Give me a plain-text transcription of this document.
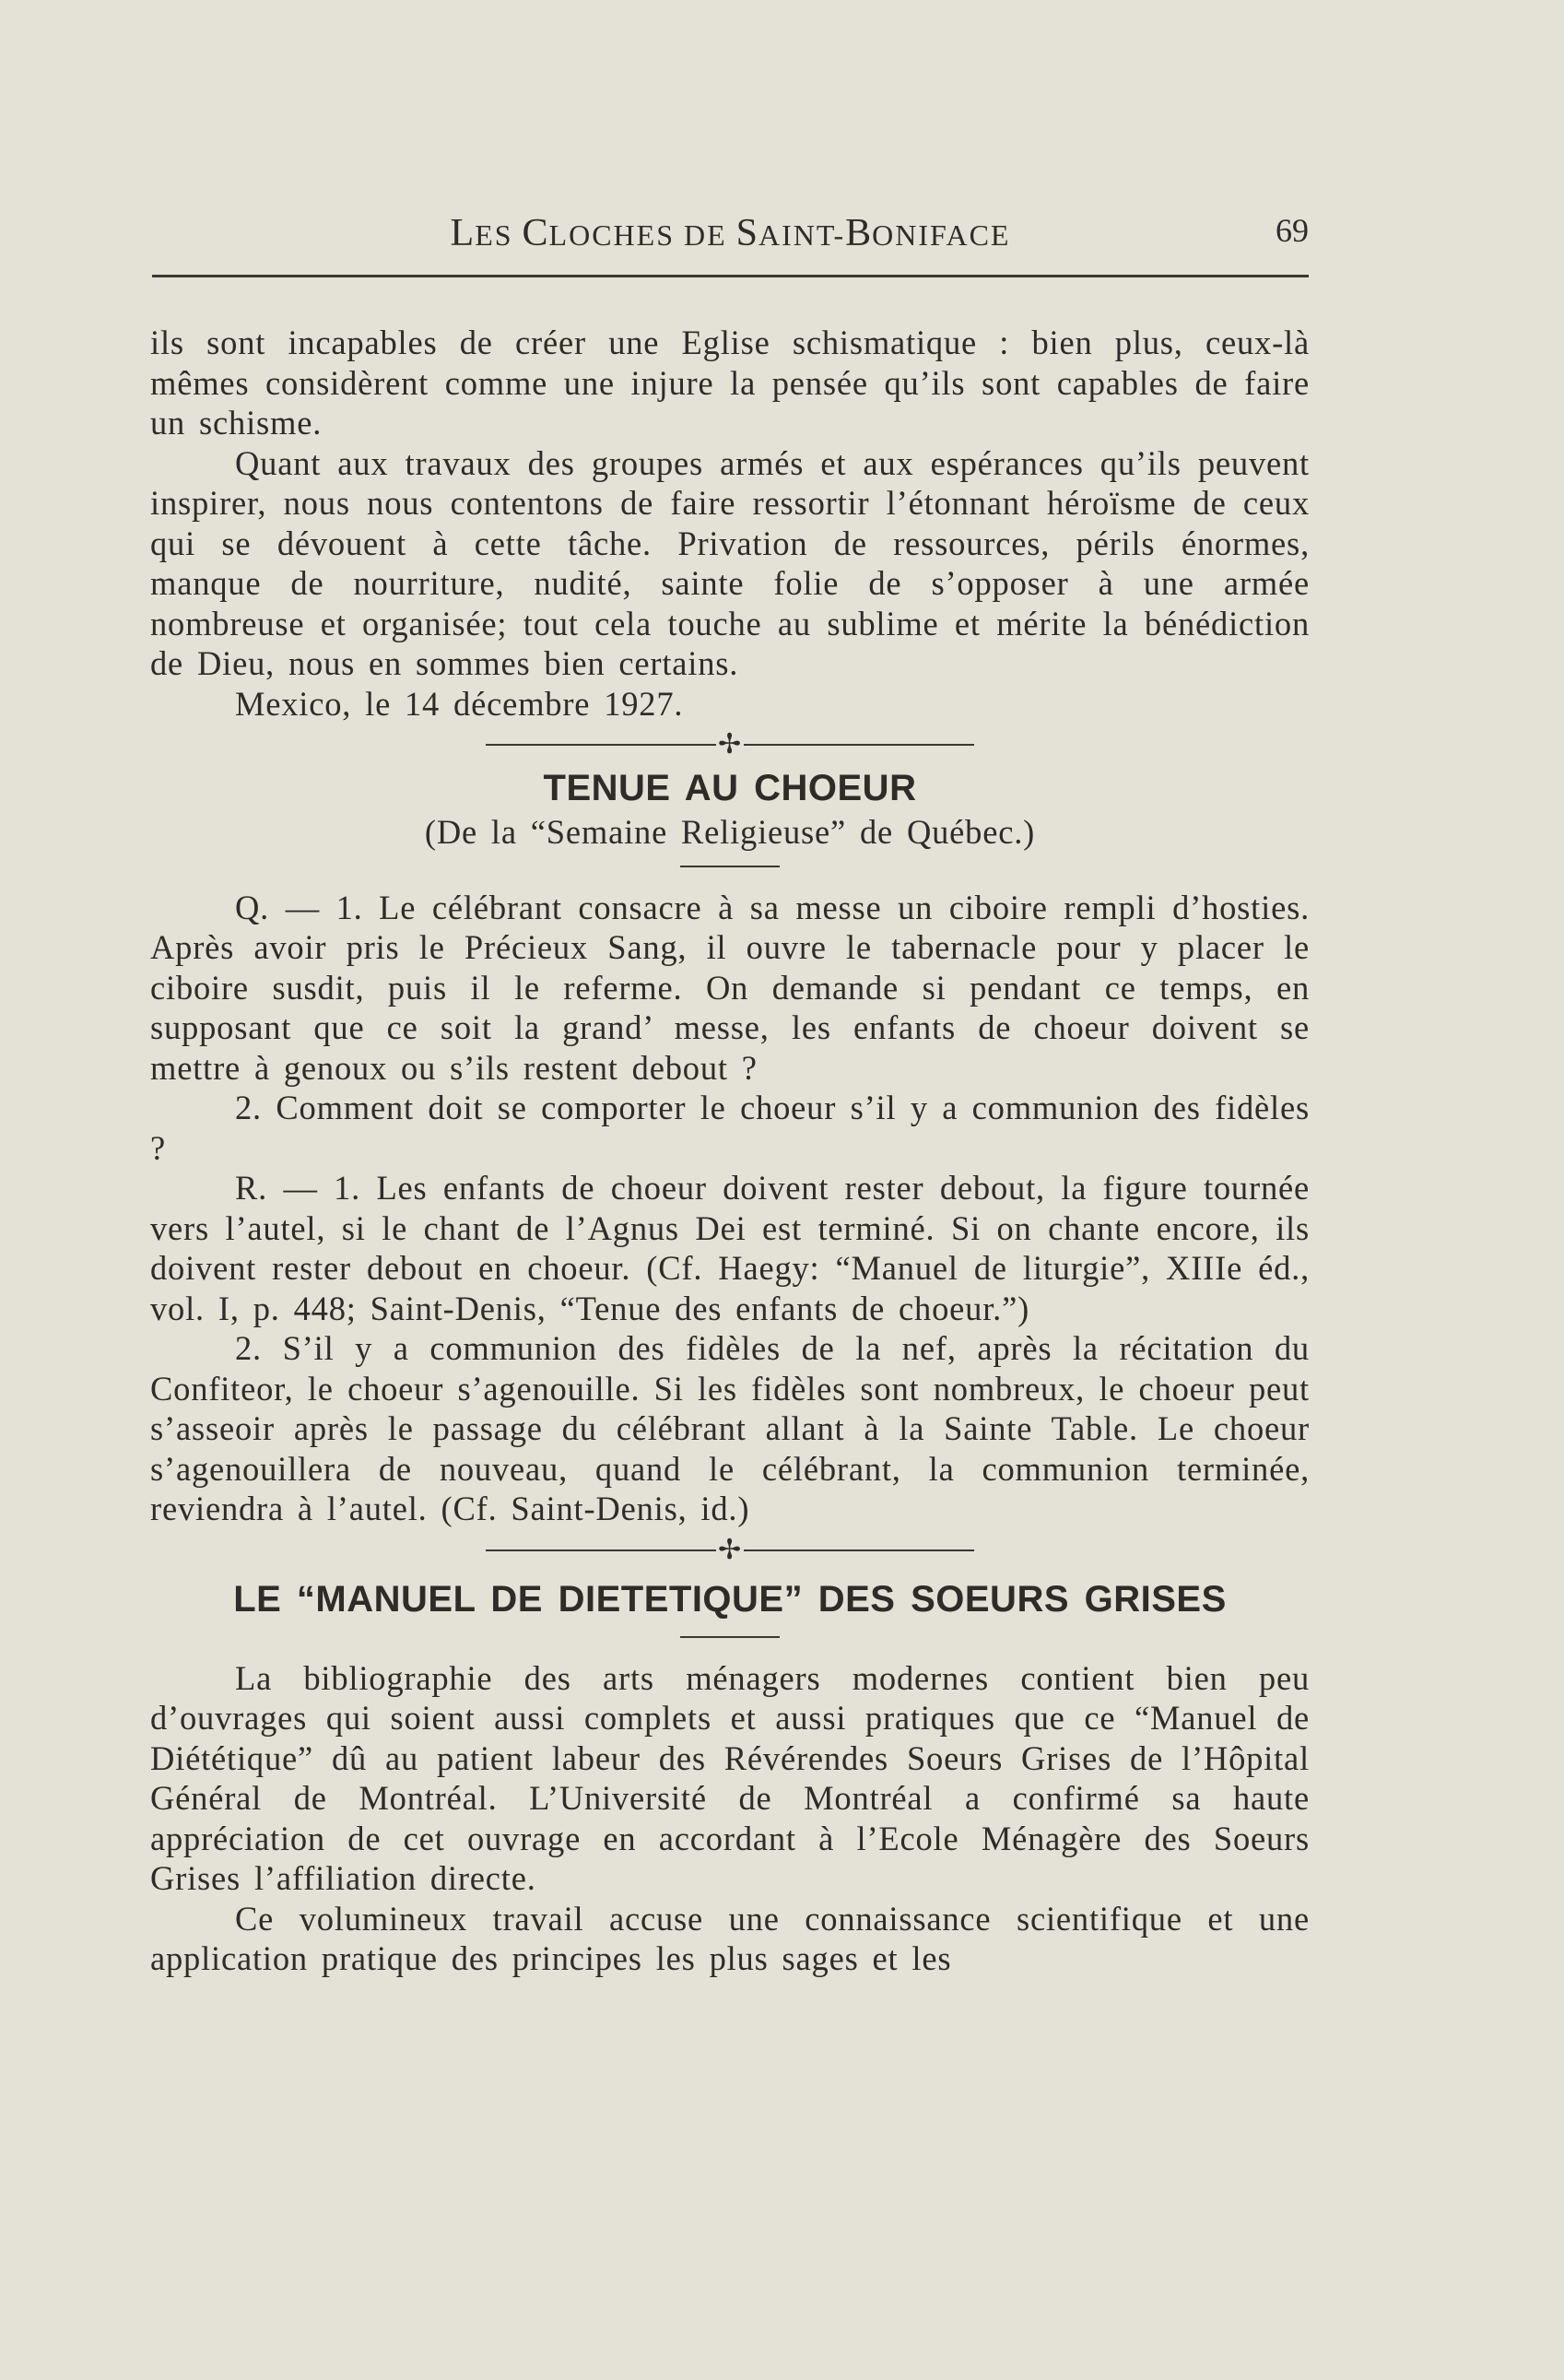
LES CLOCHES DE SAINT-BONIFACE	69

ils sont incapables de créer une Eglise schismatique : bien plus, ceux-là mêmes considèrent comme une injure la pensée qu’ils sont capables de faire un schisme.

Quant aux travaux des groupes armés et aux espérances qu’ils peuvent inspirer, nous nous contentons de faire ressortir l’étonnant héroïsme de ceux qui se dévouent à cette tâche. Privation de ressources, périls énormes, manque de nourriture, nudité, sainte folie de s’opposer à une armée nombreuse et organisée; tout cela touche au sublime et mérite la bénédiction de Dieu, nous en sommes bien certains.

Mexico, le 14 décembre 1927.

✢
TENUE AU CHOEUR

(De la “Semaine Religieuse” de Québec.)

Q. — 1. Le célébrant consacre à sa messe un ciboire rempli d’hosties. Après avoir pris le Précieux Sang, il ouvre le tabernacle pour y placer le ciboire susdit, puis il le referme. On demande si pendant ce temps, en supposant que ce soit la grand’ messe, les enfants de choeur doivent se mettre à genoux ou s’ils restent debout ?

2. Comment doit se comporter le choeur s’il y a communion des fidèles ?

R. — 1. Les enfants de choeur doivent rester debout, la figure tournée vers l’autel, si le chant de l’Agnus Dei est terminé. Si on chante encore, ils doivent rester debout en choeur. (Cf. Haegy: “Manuel de liturgie”, XIIIe éd., vol. I, p. 448; Saint-Denis, “Tenue des enfants de choeur.”)

2. S’il y a communion des fidèles de la nef, après la récitation du Confiteor, le choeur s’agenouille. Si les fidèles sont nombreux, le choeur peut s’asseoir après le passage du célébrant allant à la Sainte Table. Le choeur s’agenouillera de nouveau, quand le célébrant, la communion terminée, reviendra à l’autel. (Cf. Saint-Denis, id.)

✢
LE “MANUEL DE DIETETIQUE” DES SOEURS GRISES

La bibliographie des arts ménagers modernes contient bien peu d’ouvrages qui soient aussi complets et aussi pratiques que ce “Manuel de Diététique” dû au patient labeur des Révérendes Soeurs Grises de l’Hôpital Général de Montréal. L’Université de Montréal a confirmé sa haute appréciation de cet ouvrage en accordant à l’Ecole Ménagère des Soeurs Grises l’affiliation directe.

Ce volumineux travail accuse une connaissance scientifique et une application pratique des principes les plus sages et les
